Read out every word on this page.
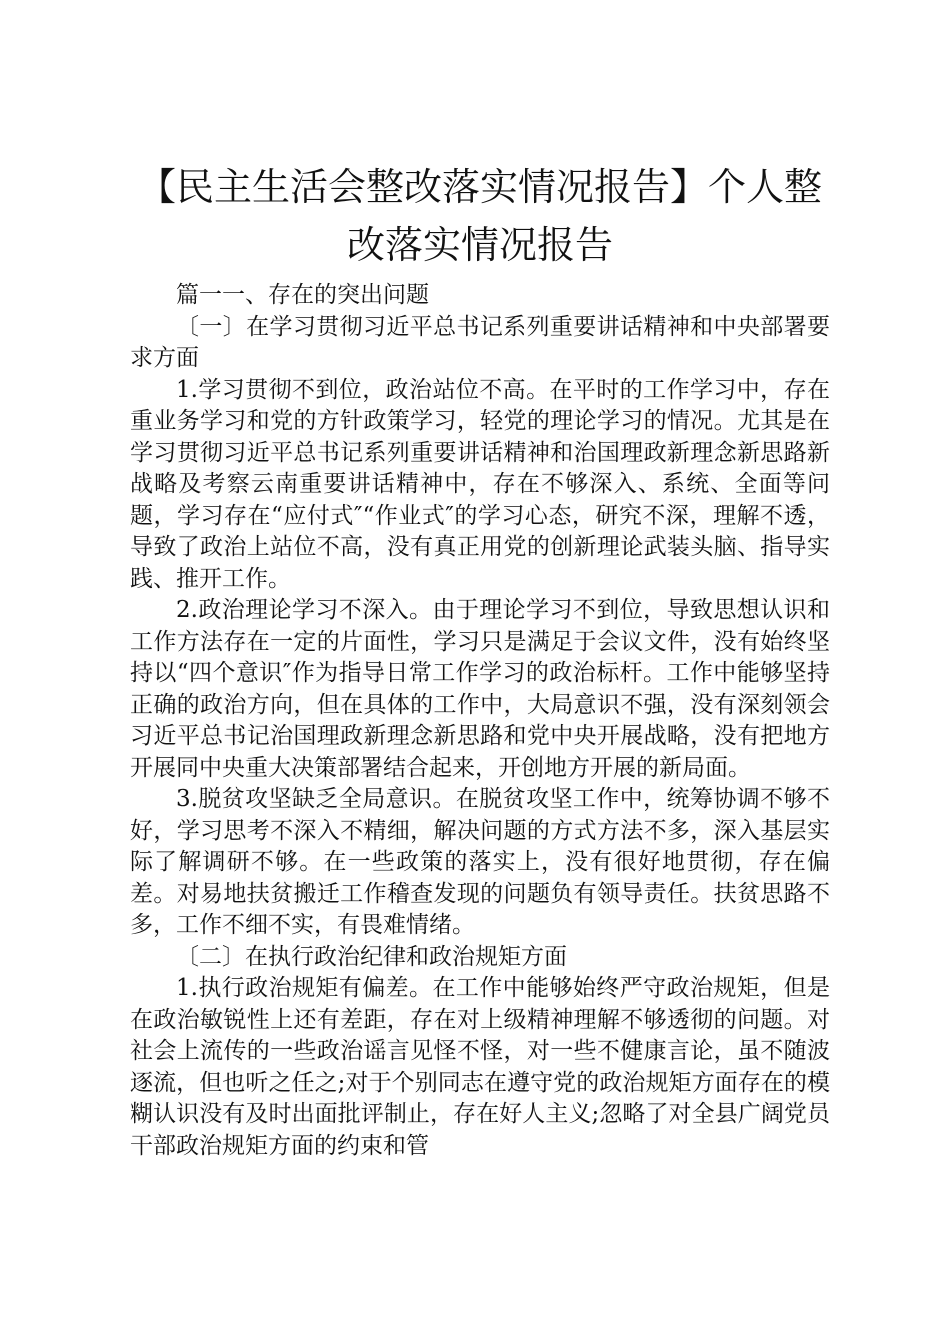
【民主生活会整改落实情况报告】个人整改落实情况报告

篇一一、存在的突出问题

〔一〕在学习贯彻习近平总书记系列重要讲话精神和中央部署要求方面

1.学习贯彻不到位，政治站位不高。在平时的工作学习中，存在重业务学习和党的方针政策学习，轻党的理论学习的情况。尤其是在学习贯彻习近平总书记系列重要讲话精神和治国理政新理念新思路新战略及考察云南重要讲话精神中，存在不够深入、系统、全面等问题，学习存在“应付式″“作业式″的学习心态，研究不深，理解不透，导致了政治上站位不高，没有真正用党的创新理论武装头脑、指导实践、推开工作。

2.政治理论学习不深入。由于理论学习不到位，导致思想认识和工作方法存在一定的片面性，学习只是满足于会议文件，没有始终坚持以“四个意识″作为指导日常工作学习的政治标杆。工作中能够坚持正确的政治方向，但在具体的工作中，大局意识不强，没有深刻领会习近平总书记治国理政新理念新思路和党中央开展战略，没有把地方开展同中央重大决策部署结合起来，开创地方开展的新局面。

3.脱贫攻坚缺乏全局意识。在脱贫攻坚工作中，统筹协调不够不好，学习思考不深入不精细，解决问题的方式方法不多，深入基层实际了解调研不够。在一些政策的落实上，没有很好地贯彻，存在偏差。对易地扶贫搬迁工作稽查发现的问题负有领导责任。扶贫思路不多，工作不细不实，有畏难情绪。

〔二〕在执行政治纪律和政治规矩方面

1.执行政治规矩有偏差。在工作中能够始终严守政治规矩，但是在政治敏锐性上还有差距，存在对上级精神理解不够透彻的问题。对社会上流传的一些政治谣言见怪不怪，对一些不健康言论，虽不随波逐流，但也听之任之;对于个别同志在遵守党的政治规矩方面存在的模糊认识没有及时出面批评制止，存在好人主义;忽略了对全县广阔党员干部政治规矩方面的约束和管
